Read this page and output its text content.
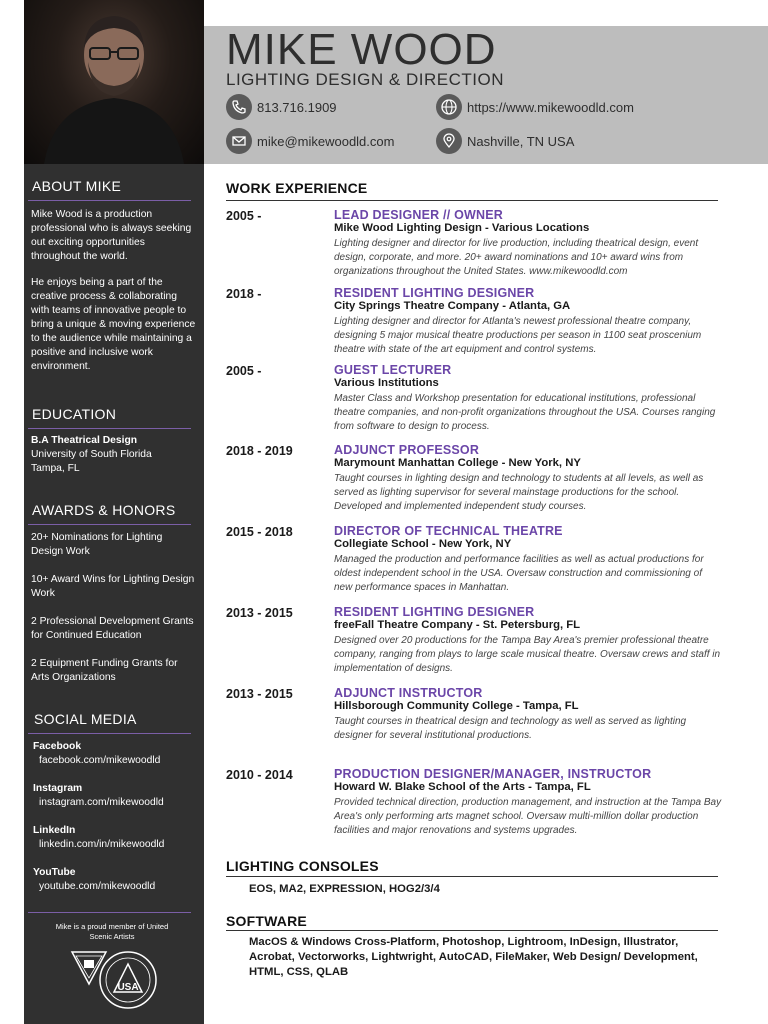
MIKE WOOD
LIGHTING DESIGN & DIRECTION
813.716.1909	https://www.mikewoodld.com
mike@mikewoodld.com	Nashville, TN USA
ABOUT MIKE
Mike Wood is a production professional who is always seeking out exciting opportunities throughout the world.
He enjoys being a part of the creative process & collaborating with teams of innovative people to bring a unique & moving experience to the audience while maintaining a positive and inclusive work environment.
EDUCATION
B.A Theatrical Design
University of South Florida
Tampa, FL
AWARDS & HONORS
20+ Nominations for Lighting Design Work
10+ Award Wins for Lighting Design Work
2 Professional Development Grants for Continued Education
2 Equipment Funding Grants for Arts Organizations
SOCIAL MEDIA
Facebook
facebook.com/mikewoodld
Instagram
instagram.com/mikewoodld
LinkedIn
linkedin.com/in/mikewoodld
YouTube
youtube.com/mikewoodld
Mike is a proud member of United Scenic Artists
USA
WORK EXPERIENCE
2005 -	LEAD DESIGNER // OWNER
Mike Wood Lighting Design - Various Locations
Lighting designer and director for live production, including theatrical design, event design, corporate, and more. 20+ award nominations and 10+ award wins from organizations throughout the United States. www.mikewoodld.com
2018 -	RESIDENT LIGHTING DESIGNER
City Springs Theatre Company - Atlanta, GA
Lighting designer and director for Atlanta's newest professional theatre company, designing 5 major musical theatre productions per season in 1100 seat proscenium theatre with state of the art equipment and control systems.
2005 -	GUEST LECTURER
Various Institutions
Master Class and Workshop presentation for educational institutions, professional theatre companies, and non-profit organizations throughout the USA. Courses ranging from software to design to process.
2018 - 2019	ADJUNCT PROFESSOR
Marymount Manhattan College - New York, NY
Taught courses in lighting design and technology to students at all levels, as well as served as lighting supervisor for several mainstage productions for the school. Developed and implemented independent study courses.
2015 - 2018	DIRECTOR OF TECHNICAL THEATRE
Collegiate School - New York, NY
Managed the production and performance facilities as well as actual productions for oldest independent school in the USA. Oversaw construction and commissioning of new performance spaces in Manhattan.
2013 - 2015	RESIDENT LIGHTING DESIGNER
freeFall Theatre Company - St. Petersburg, FL
Designed over 20 productions for the Tampa Bay Area's premier professional theatre company, ranging from plays to large scale musical theatre. Oversaw crews and staff in implementation of designs.
2013 - 2015	ADJUNCT INSTRUCTOR
Hillsborough Community College - Tampa, FL
Taught courses in theatrical design and technology as well as served as lighting designer for several institutional productions.
2010 - 2014	PRODUCTION DESIGNER/MANAGER, INSTRUCTOR
Howard W. Blake School of the Arts - Tampa, FL
Provided technical direction, production management, and instruction at the Tampa Bay Area's only performing arts magnet school. Oversaw multi-million dollar production facilities and major renovations and systems upgrades.
LIGHTING CONSOLES
EOS, MA2, EXPRESSION, HOG2/3/4
SOFTWARE
MacOS & Windows Cross-Platform, Photoshop, Lightroom, InDesign, Illustrator, Acrobat, Vectorworks, Lightwright, AutoCAD, FileMaker, Web Design/ Development, HTML, CSS, QLAB
